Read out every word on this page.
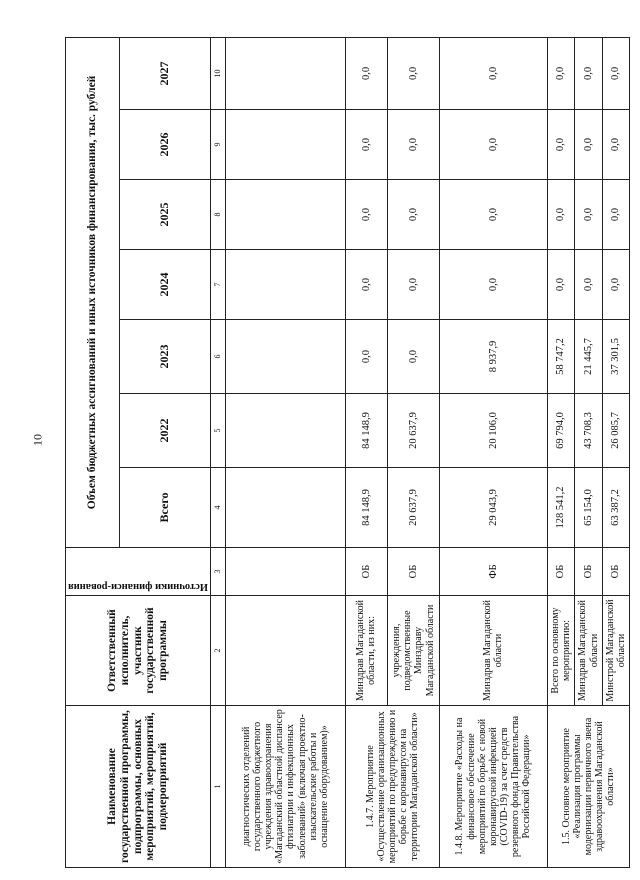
10
Наименование государственной программы, подпрограммы, основных мероприятий, мероприятий, подмероприятий	Ответственный исполнитель, участник государственной программы	Источники финанси-рования	Объем бюджетных ассигнований и иных источников финансирования, тыс. рублей						
			Всего	2022	2023	2024	2025	2026	2027
1	2	3	4	5	6	7	8	9	10
диагностических отделений государственного бюджетного учреждения здравоохранения «Магаданский областной диспансер фтизиатрии и инфекционных заболеваний» (включая проектно-изыскательские работы и оснащение оборудованием)»									
1.4.7. Мероприятие «Осуществление организационных мероприятий по предупреждению и борьбе с коронавирусом на территории Магаданской области»	Минздрав Магаданской области, из них:	ОБ	84 148,9	84 148,9	0,0	0,0	0,0	0,0	0,0
	учреждения, подведомственные Минздраву Магаданской области	ОБ	20 637,9	20 637,9	0,0	0,0	0,0	0,0	0,0
1.4.8. Мероприятие «Расходы на финансовое обеспечение мероприятий по борьбе с новой коронавирусной инфекцией (COVID-19) за счет средств резервного фонда Правительства Российской Федерации»	Минздрав Магаданской области	ФБ	29 043,9	20 106,0	8 937,9	0,0	0,0	0,0	0,0
1.5. Основное мероприятие «Реализация программы модернизации первичного звена здравоохранения Магаданской области»	Всего по основному мероприятию:	ОБ	128 541,2	69 794,0	58 747,2	0,0	0,0	0,0	0,0
	Минздрав Магаданской области	ОБ	65 154,0	43 708,3	21 445,7	0,0	0,0	0,0	0,0
	Минстрой Магаданской области	ОБ	63 387,2	26 085,7	37 301,5	0,0	0,0	0,0	0,0
